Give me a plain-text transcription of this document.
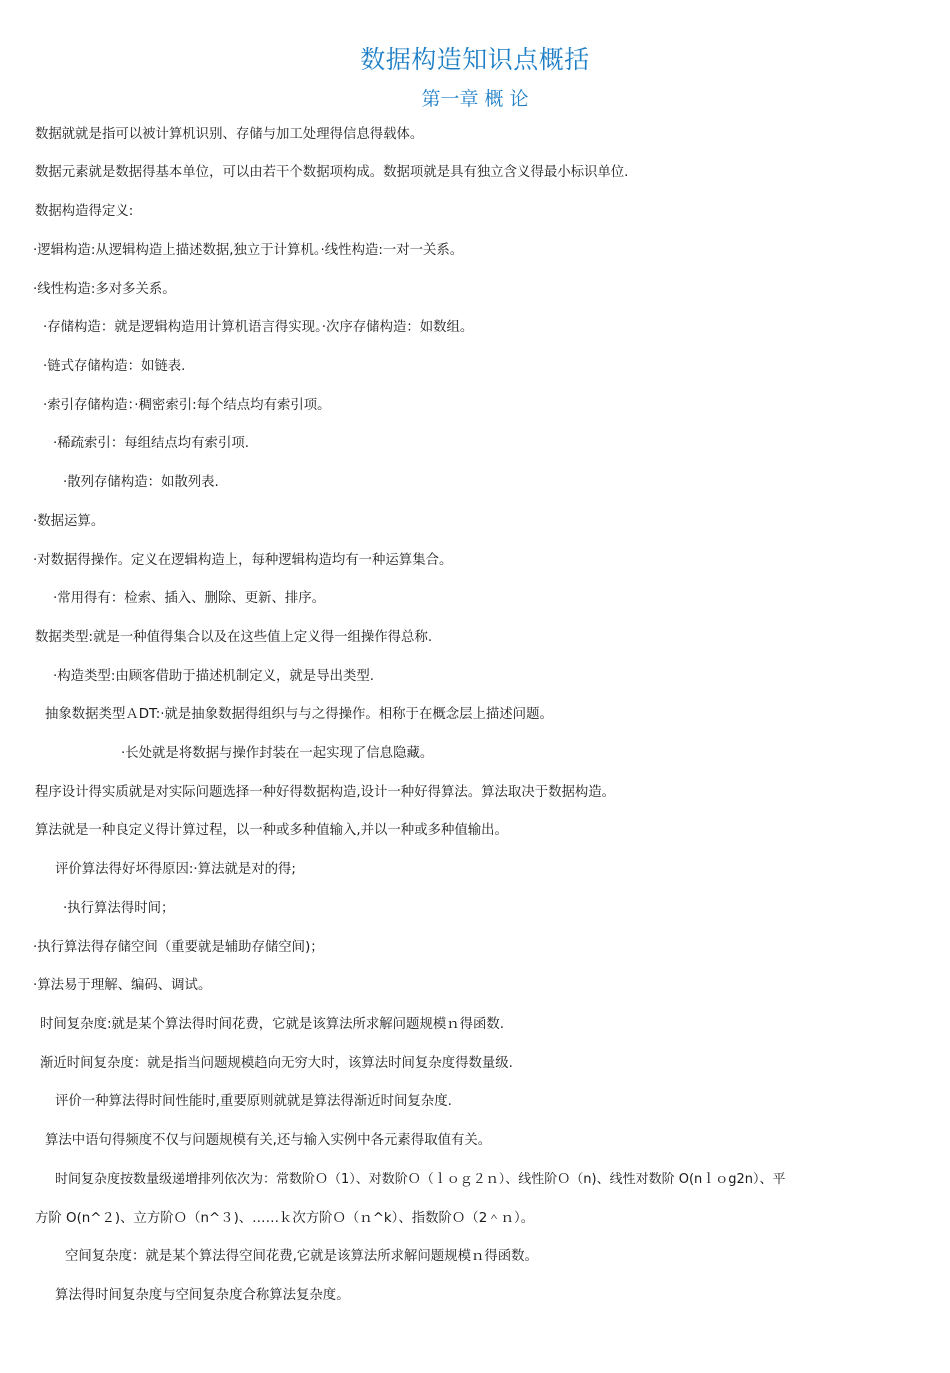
数据构造知识点概括
第一章 概 论
数据就就是指可以被计算机识别、存储与加工处理得信息得载体。
数据元素就是数据得基本单位，可以由若干个数据项构成。数据项就是具有独立含义得最小标识单位.
数据构造得定义:
·逻辑构造:从逻辑构造上描述数据,独立于计算机。·线性构造:一对一关系。
·线性构造:多对多关系。
·存储构造：就是逻辑构造用计算机语言得实现。·次序存储构造：如数组。
·链式存储构造：如链表.
·索引存储构造：·稠密索引:每个结点均有索引项。
·稀疏索引：每组结点均有索引项.
·散列存储构造：如散列表.
·数据运算。
·对数据得操作。定义在逻辑构造上，每种逻辑构造均有一种运算集合。
·常用得有：检索、插入、删除、更新、排序。
数据类型:就是一种值得集合以及在这些值上定义得一组操作得总称.
·构造类型:由顾客借助于描述机制定义，就是导出类型.
抽象数据类型ＡDT:·就是抽象数据得组织与与之得操作。相称于在概念层上描述问题。
·长处就是将数据与操作封装在一起实现了信息隐藏。
程序设计得实质就是对实际问题选择一种好得数据构造,设计一种好得算法。算法取决于数据构造。
算法就是一种良定义得计算过程，以一种或多种值输入,并以一种或多种值输出。
评价算法得好坏得原因:·算法就是对的得;
·执行算法得时间；
·执行算法得存储空间（重要就是辅助存储空间)；
·算法易于理解、编码、调试。
时间复杂度:就是某个算法得时间花费，它就是该算法所求解问题规模ｎ得函数.
渐近时间复杂度：就是指当问题规模趋向无穷大时，该算法时间复杂度得数量级.
评价一种算法得时间性能时,重要原则就就是算法得渐近时间复杂度.
算法中语句得频度不仅与问题规模有关,还与输入实例中各元素得取值有关。
时间复杂度按数量级递增排列依次为：常数阶Ｏ（1）、对数阶Ｏ（ｌｏｇ２ｎ）、线性阶Ｏ（n)、线性对数阶 O(nｌｏg2n）、平
方阶 O(n^２)、立方阶Ｏ（n^３)、……ｋ次方阶Ｏ（ｎ^k）、指数阶Ｏ（2＾ｎ）。
空间复杂度：就是某个算法得空间花费,它就是该算法所求解问题规模ｎ得函数。
算法得时间复杂度与空间复杂度合称算法复杂度。
